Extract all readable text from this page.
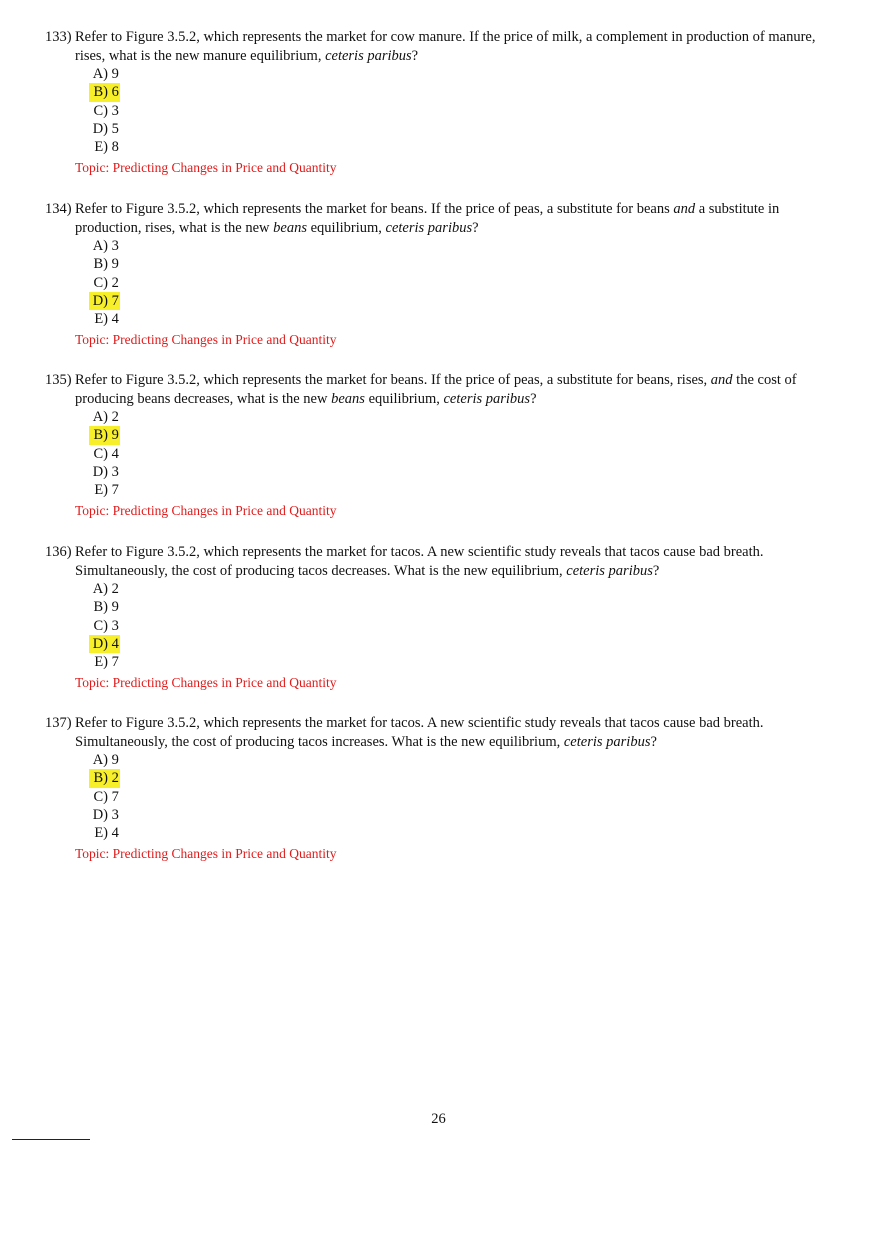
133) Refer to Figure 3.5.2, which represents the market for cow manure. If the price of milk, a complement in production of manure, rises, what is the new manure equilibrium, ceteris paribus?
A) 9
B) 6
C) 3
D) 5
E) 8
Topic: Predicting Changes in Price and Quantity
134) Refer to Figure 3.5.2, which represents the market for beans. If the price of peas, a substitute for beans and a substitute in production, rises, what is the new beans equilibrium, ceteris paribus?
A) 3
B) 9
C) 2
D) 7
E) 4
Topic: Predicting Changes in Price and Quantity
135) Refer to Figure 3.5.2, which represents the market for beans. If the price of peas, a substitute for beans, rises, and the cost of producing beans decreases, what is the new beans equilibrium, ceteris paribus?
A) 2
B) 9
C) 4
D) 3
E) 7
Topic: Predicting Changes in Price and Quantity
136) Refer to Figure 3.5.2, which represents the market for tacos. A new scientific study reveals that tacos cause bad breath. Simultaneously, the cost of producing tacos decreases. What is the new equilibrium, ceteris paribus?
A) 2
B) 9
C) 3
D) 4
E) 7
Topic: Predicting Changes in Price and Quantity
137) Refer to Figure 3.5.2, which represents the market for tacos. A new scientific study reveals that tacos cause bad breath. Simultaneously, the cost of producing tacos increases. What is the new equilibrium, ceteris paribus?
A) 9
B) 2
C) 7
D) 3
E) 4
Topic: Predicting Changes in Price and Quantity
26
